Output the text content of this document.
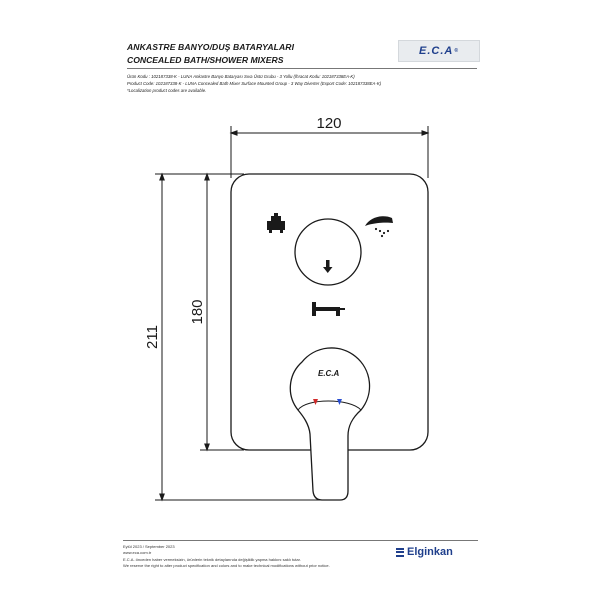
ANKASTRE BANYO/DUŞ BATARYALARI
CONCEALED BATH/SHOWER MIXERS
E.C.A ®
Ürün Kodu : 102187338-K - LUNA Ankastre Banyo Bataryası Sıva Üstü Grubu - 3 Yollu (İhracat Kodu: 102187338EA-K)
Product Code: 102187338-K - LUNA Concealed Bath Mixer Surface Mounted Group - 3 Way Diverter (Export Code: 102187338EA-K)
*Localization product codes are available.
E.C.A
120
180
211
Eylül 2023 / September 2023
www.eca.com.tr
E.C.A. önceden haber vermeksizin, ürünlerin teknik detaylarında değişiklik yapma hakkını saklı tutar.
We reserve the right to alter product specification and colors and to make technical modifications without prior notice.
Elginkan
